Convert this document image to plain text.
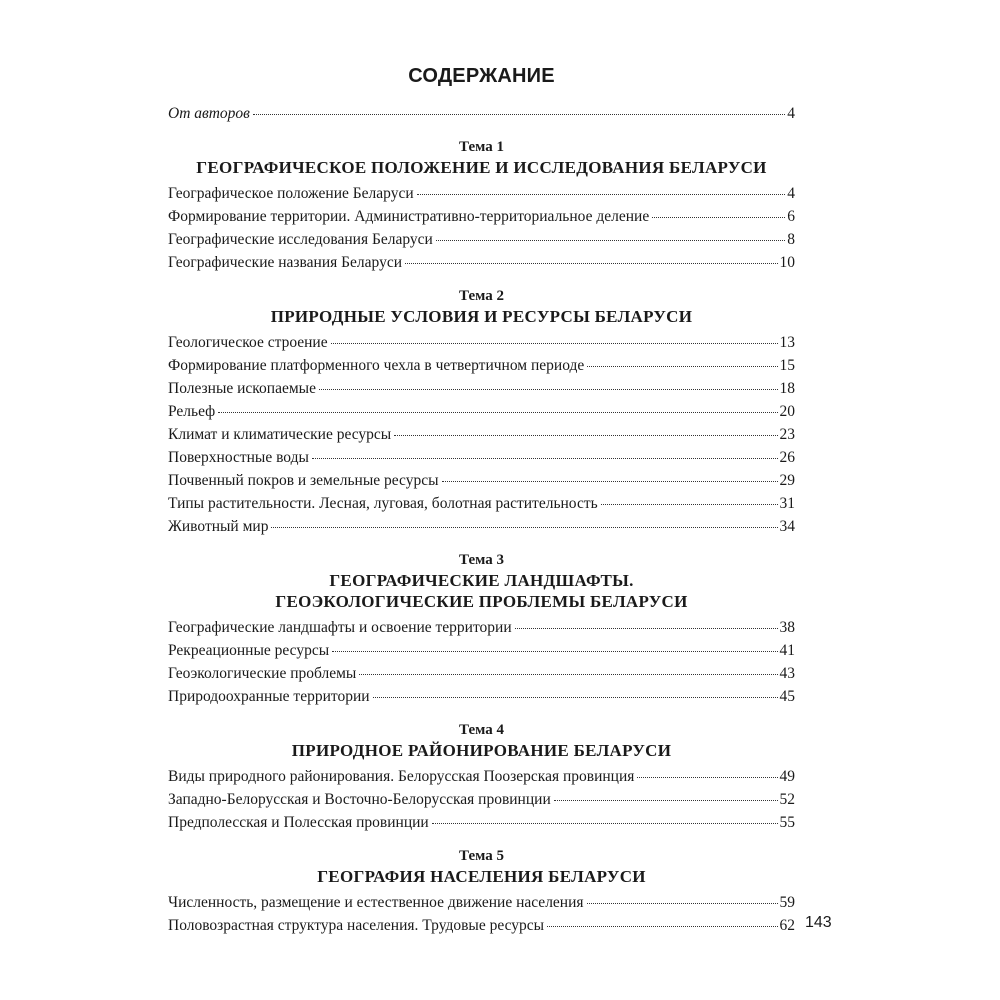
СОДЕРЖАНИЕ
От авторов	4
Тема 1
ГЕОГРАФИЧЕСКОЕ ПОЛОЖЕНИЕ И ИССЛЕДОВАНИЯ БЕЛАРУСИ
Географическое положение Беларуси	4
Формирование территории. Административно-территориальное деление	6
Географические исследования Беларуси	8
Географические названия Беларуси	10
Тема 2
ПРИРОДНЫЕ УСЛОВИЯ И РЕСУРСЫ БЕЛАРУСИ
Геологическое строение	13
Формирование платформенного чехла в четвертичном периоде	15
Полезные ископаемые	18
Рельеф	20
Климат и климатические ресурсы	23
Поверхностные воды	26
Почвенный покров и земельные ресурсы	29
Типы растительности. Лесная, луговая, болотная растительность	31
Животный мир	34
Тема 3
ГЕОГРАФИЧЕСКИЕ ЛАНДШАФТЫ.
ГЕОЭКОЛОГИЧЕСКИЕ ПРОБЛЕМЫ БЕЛАРУСИ
Географические ландшафты и освоение территории	38
Рекреационные ресурсы	41
Геоэкологические проблемы	43
Природоохранные территории	45
Тема 4
ПРИРОДНОЕ РАЙОНИРОВАНИЕ БЕЛАРУСИ
Виды природного районирования. Белорусская Поозерская провинция	49
Западно-Белорусская и Восточно-Белорусская провинции	52
Предполесская и Полесская провинции	55
Тема 5
ГЕОГРАФИЯ НАСЕЛЕНИЯ БЕЛАРУСИ
Численность, размещение и естественное движение населения	59
Половозрастная структура населения. Трудовые ресурсы	62 143
